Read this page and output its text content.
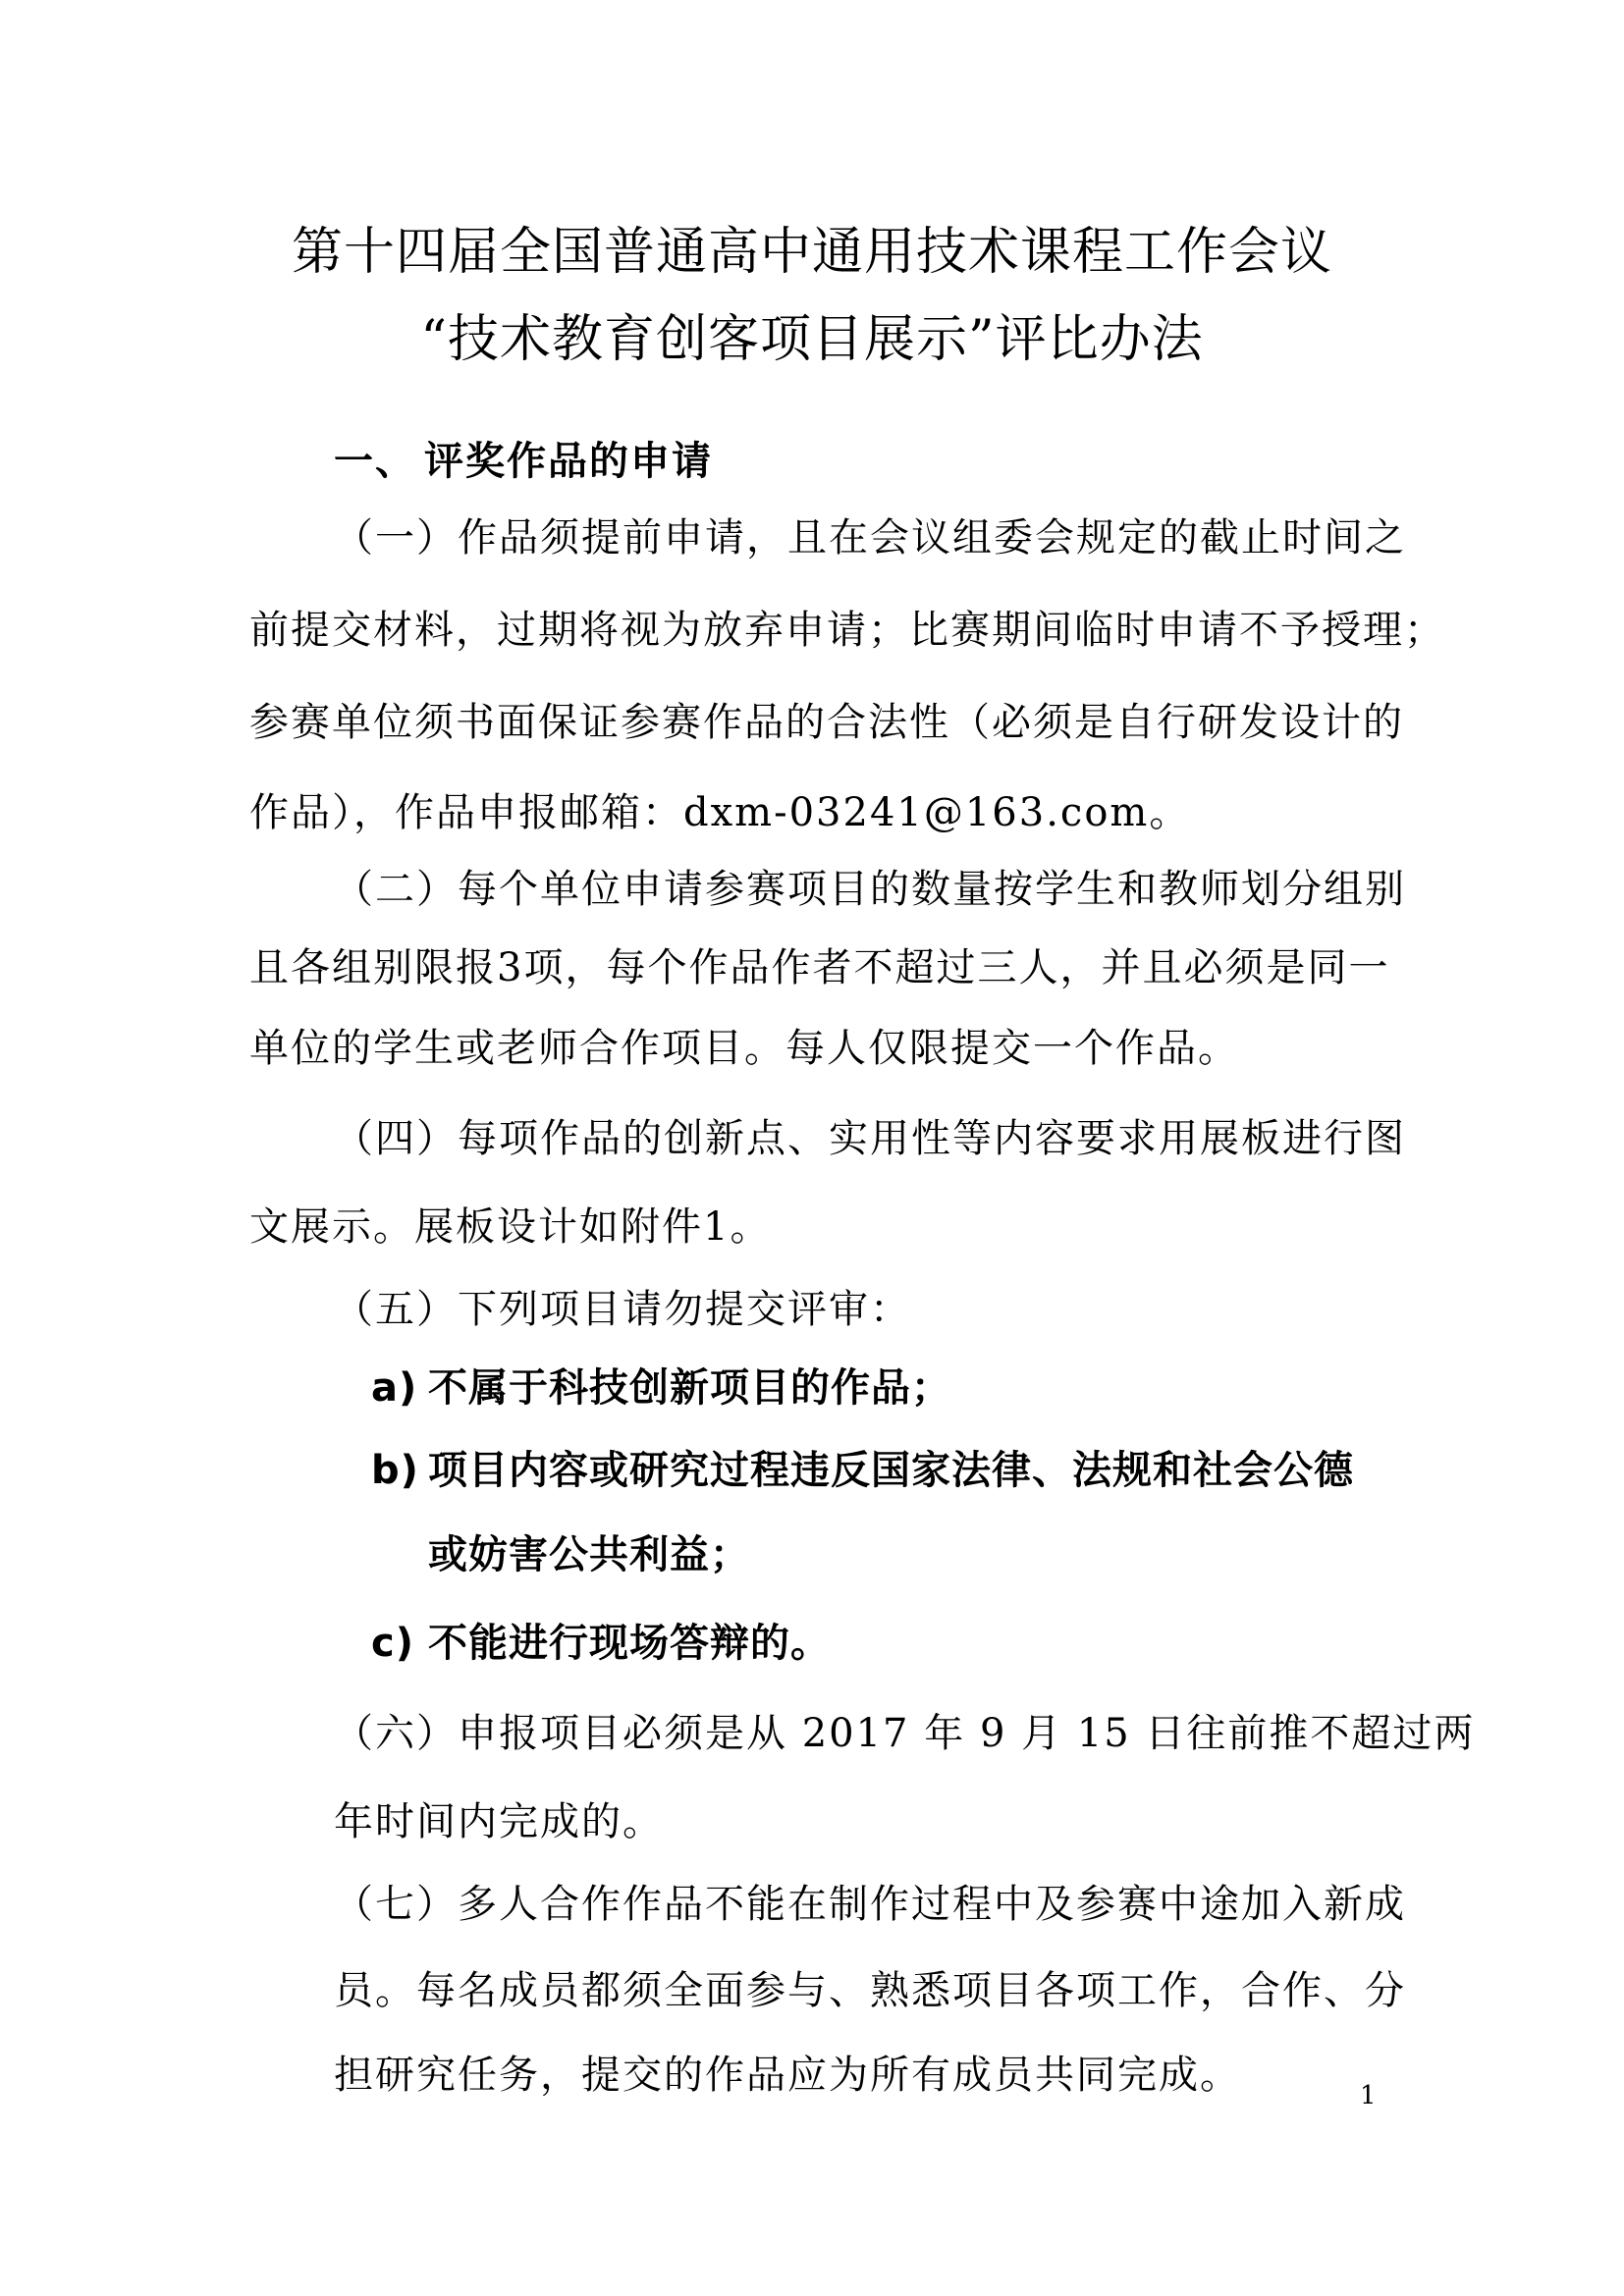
第十四届全国普通高中通用技术课程工作会议
“技术教育创客项目展示”评比办法
一、 评奖作品的申请
（一）作品须提前申请，且在会议组委会规定的截止时间之
前提交材料，过期将视为放弃申请；比赛期间临时申请不予授理；
参赛单位须书面保证参赛作品的合法性（必须是自行研发设计的
作品），作品申报邮箱：dxm-03241@163.com。
（二）每个单位申请参赛项目的数量按学生和教师划分组别
且各组别限报3项，每个作品作者不超过三人，并且必须是同一
单位的学生或老师合作项目。每人仅限提交一个作品。
（四）每项作品的创新点、实用性等内容要求用展板进行图
文展示。展板设计如附件1。
（五）下列项目请勿提交评审：
a) 不属于科技创新项目的作品；
b) 项目内容或研究过程违反国家法律、法规和社会公德
或妨害公共利益；
c) 不能进行现场答辩的。
（六）申报项目必须是从 2017 年 9 月 15 日往前推不超过两
年时间内完成的。
（七）多人合作作品不能在制作过程中及参赛中途加入新成
员。每名成员都须全面参与、熟悉项目各项工作，合作、分
担研究任务，提交的作品应为所有成员共同完成。	1
